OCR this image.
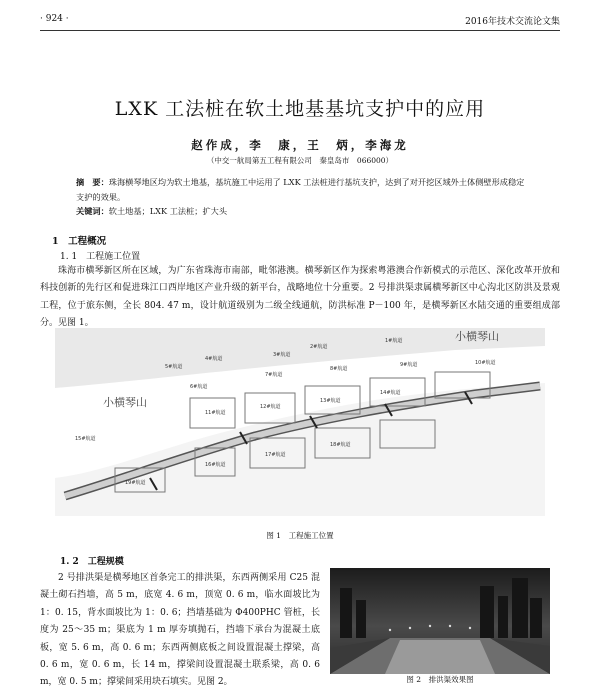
· 924 ·	2016年技术交流论文集
LXK 工法桩在软土地基基坑支护中的应用
赵作成，李　康，王　炳，李海龙
（中交一航局第五工程有限公司　秦皇岛市　066000）
摘　要：珠海横琴地区均为软土地基，基坑施工中运用了 LXK 工法桩进行基坑支护，达到了对开挖区域外土体侧壁形成稳定支护的效果。
关键词：软土地基；LXK 工法桩；扩大头
1　工程概况
1. 1　工程施工位置
珠海市横琴新区所在区域，为广东省珠海市南部，毗邻港澳。横琴新区作为探索粤港澳合作新模式的示范区、深化改革开放和科技创新的先行区和促进珠江口西岸地区产业升级的新平台，战略地位十分重要。2 号排洪渠隶属横琴新区中心沟北区防洪及景观工程，位于旅东侧，全长 804. 47 m，设计航道级别为二级全线通航，防洪标准 P－100 年，是横琴新区水陆交通的重要组成部分。见图 1。
小横琴山
小横琴山
1#航道
2#航道
3#航道
4#航道
5#航道
6#航道
7#航道
8#航道
9#航道	10#航道
11#航道
12#航道
13#航道
14#航道
15#航道
16#航道
17#航道
18#航道
19#航道
图 1　工程施工位置
1. 2　工程规模
2 号排洪渠是横琴地区首条完工的排洪渠，东西两侧采用 C25 混凝土砌石挡墙，高 5 m，底宽 4. 6 m，顶宽 0. 6 m，临水面坡比为 1：0. 15，背水面坡比为 1：0. 6；挡墙基础为 Φ400PHC 管桩，长度为 25～35 m；渠底为 1 m 厚夯填抛石，挡墙下承台为混凝土底板，宽 5. 6 m，高 0. 6 m；东西两侧底板之间设置混凝土撑梁，高 0. 6 m，宽 0. 6 m，长 14 m，撑梁间设置混凝土联系梁，高 0. 6 m，宽 0. 5 m；撑梁间采用块石填实。见图 2。	图 2　排洪渠效果图
